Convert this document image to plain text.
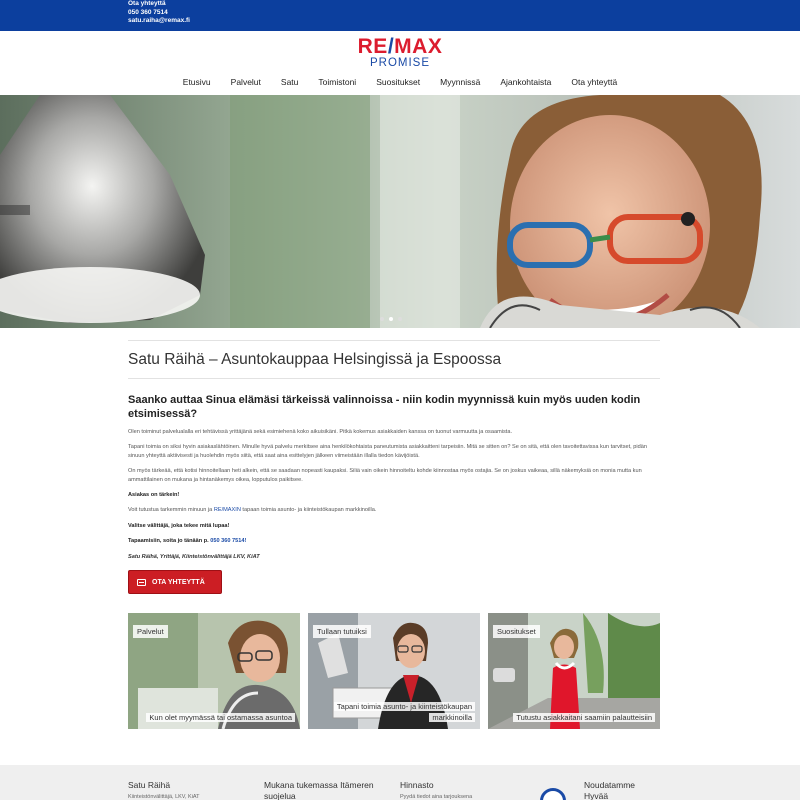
Ota yhteyttä
050 360 7514
satu.raiha@remax.fi
RE/MAX
PROMISE
Etusivu	Palvelut	Satu	Toimistoni	Suositukset	Myynnissä	Ajankohtaista	Ota yhteyttä
Satu Räihä – Asuntokauppaa Helsingissä ja Espoossa
Saanko auttaa Sinua elämäsi tärkeissä valinnoissa - niin kodin myynnissä kuin myös uuden kodin etsimisessä?

Olen toiminut palvelualalla eri tehtävissä yrittäjänä sekä esimiehenä koko aikuisikäni. Pitkä kokemus asiakkaiden kanssa on tuonut varmuutta ja osaamista.

Tapani toimia on siksi hyvin asiakaslähtöinen. Minulle hyvä palvelu merkitsee aina henkilökohtaista paneutumista asiakkaitteni tarpeisiin. Mitä se sitten on? Se on sitä, että olen tavoitettavissa kun tarvitset, pidän sinuun yhteyttä aktiivisesti ja huolehdin myös siitä, että saat aina esittelyjen jälkeen viimeistään illalla tiedon kävijöistä.

On myös tärkeää, että kotisi hinnoitellaan heti alkein, että se saadaan nopeasti kaupaksi. Siliä vain oikein hinnoiteltu kohde kiinnostaa myös ostajia. Se on joskus vaikeaa, sillä näkemyksiä on monia mutta kun ammattilainen on mukana ja hintanäkemys oikea, lopputulos paikitsee.

Asiakas on tärkein!

Voit tutustua tarkemmin minuun ja RE/MAXIN tapaan toimia asunto- ja kiinteistökaupan markkinoilla.

Valitse välittäjä, joka tekee mitä lupaa!

Tapaamisiin, soita jo tänään p. 050 360 7514!

Satu Räihä, Yrittäjä, Kiinteistönvälittäjä LKV, KiAT

OTA YHTEYTTÄ
Palvelut
Kun olet myymässä tai ostamassa asuntoa
Tullaan tutuiksi
Tapani toimia asunto- ja kiinteistökaupan
markkinoilla
Suositukset
Tutustu asiakkaitani saamiin palautteisiin
Satu Räihä
Kiinteistönvälittäjä, LKV, KiAT
Mukana tukemassa Itämeren
suojelua
Hinnasto
Pyydä tiedot aina tarjouksena
Noudatamme
Hyvää
